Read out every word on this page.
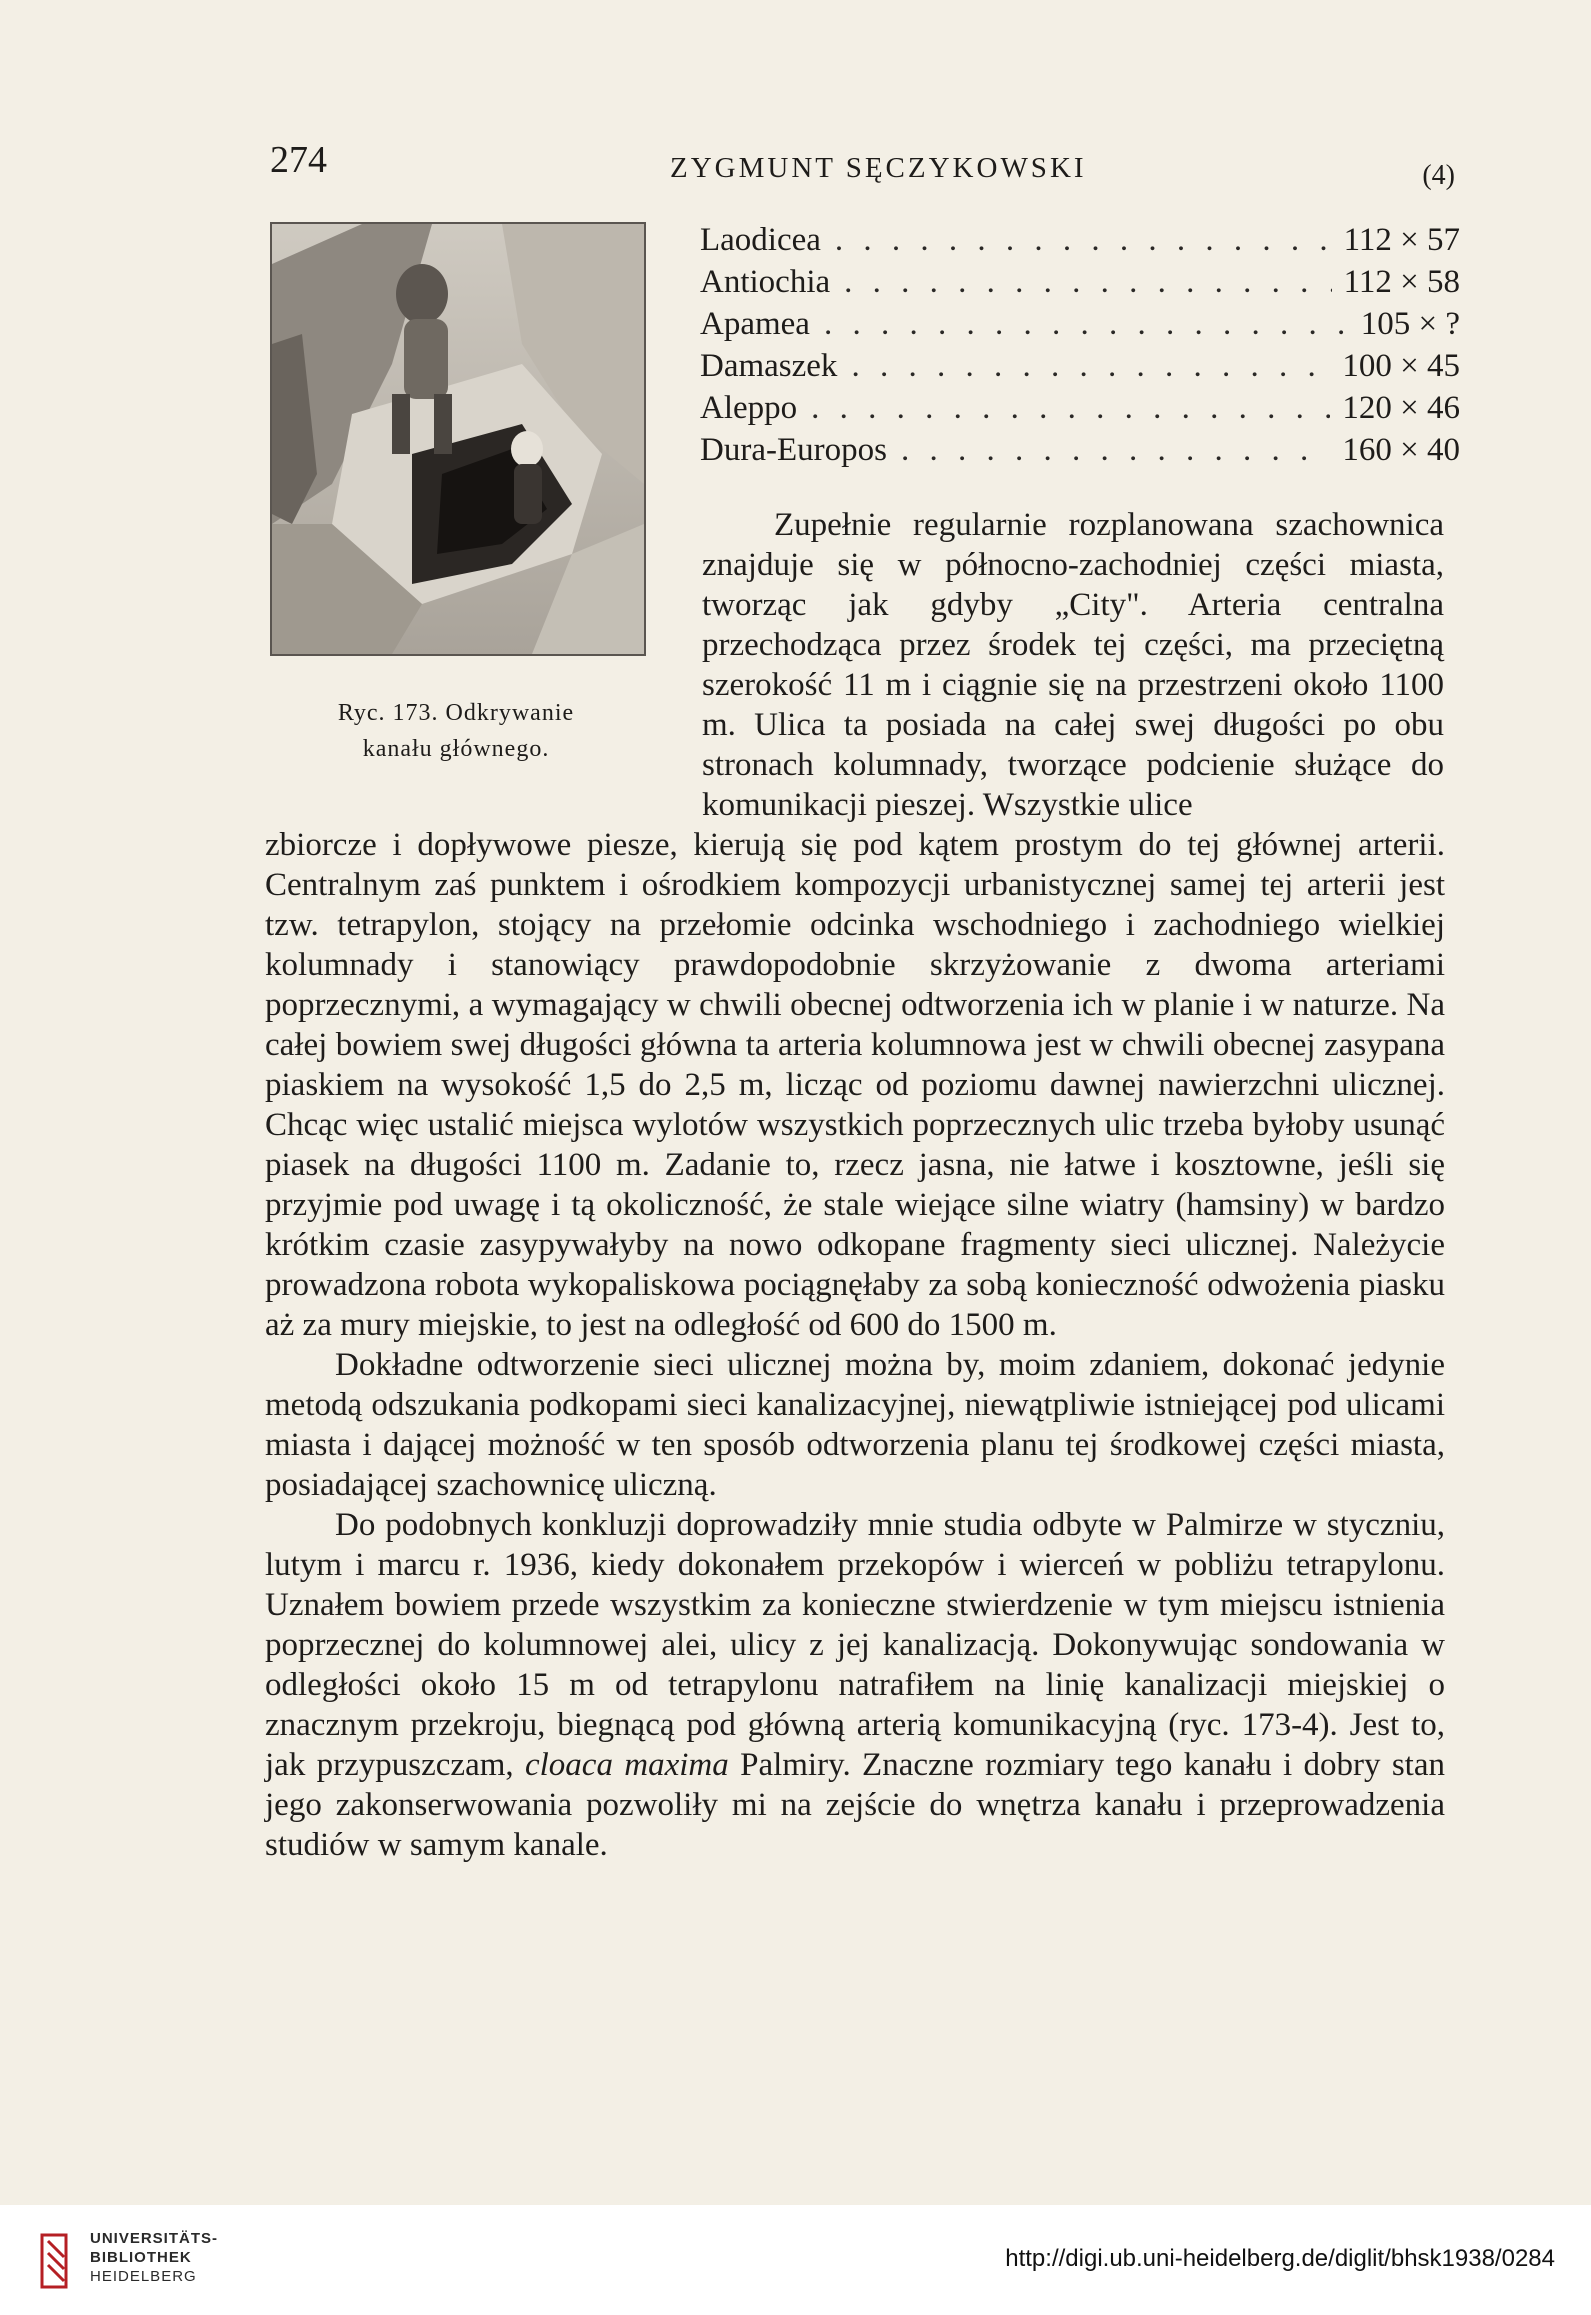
274	ZYGMUNT SĘCZYKOWSKI	(4)
Ryc. 173. Odkrywanie
kanału głównego.
Laodicea . . .	112 × 57
Antiochia . . .	112 × 58
Apamea . . .	105 × ?
Damaszek . . .	100 × 45
Aleppo . . .	120 × 46
Dura-Europos . . .	160 × 40

Zupełnie regularnie rozplanowana szachownica znajduje się w północno-zachodniej części miasta, tworząc jak gdyby „City". Arteria centralna przechodząca przez środek tej części, ma przeciętną szerokość 11 m i ciągnie się na przestrzeni około 1100 m. Ulica ta posiada na całej swej długości po obu stronach kolumnady, tworzące podcienie służące do komunikacji pieszej. Wszystkie ulice

zbiorcze i dopływowe piesze, kierują się pod kątem prostym do tej głównej arterii. Centralnym zaś punktem i ośrodkiem kompozycji urbanistycznej samej tej arterii jest tzw. tetrapylon, stojący na przełomie odcinka wschodniego i zachodniego wielkiej kolumnady i stanowiący prawdopodobnie skrzyżowanie z dwoma arteriami poprzecznymi, a wymagający w chwili obecnej odtworzenia ich w planie i w naturze. Na całej bowiem swej długości główna ta arteria kolumnowa jest w chwili obecnej zasypana piaskiem na wysokość 1,5 do 2,5 m, licząc od poziomu dawnej nawierzchni ulicznej. Chcąc więc ustalić miejsca wylotów wszystkich poprzecznych ulic trzeba byłoby usunąć piasek na długości 1100 m. Zadanie to, rzecz jasna, nie łatwe i kosztowne, jeśli się przyjmie pod uwagę i tą okoliczność, że stale wiejące silne wiatry (hamsiny) w bardzo krótkim czasie zasypywałyby na nowo odkopane fragmenty sieci ulicznej. Należycie prowadzona robota wykopaliskowa pociągnęłaby za sobą konieczność odwożenia piasku aż za mury miejskie, to jest na odległość od 600 do 1500 m.

Dokładne odtworzenie sieci ulicznej można by, moim zdaniem, dokonać jedynie metodą odszukania podkopami sieci kanalizacyjnej, niewątpliwie istniejącej pod ulicami miasta i dającej możność w ten sposób odtworzenia planu tej środkowej części miasta, posiadającej szachownicę uliczną.

Do podobnych konkluzji doprowadziły mnie studia odbyte w Palmirze w styczniu, lutym i marcu r. 1936, kiedy dokonałem przekopów i wierceń w pobliżu tetrapylonu. Uznałem bowiem przede wszystkim za konieczne stwierdzenie w tym miejscu istnienia poprzecznej do kolumnowej alei, ulicy z jej kanalizacją. Dokonywując sondowania w odległości około 15 m od tetrapylonu natrafiłem na linię kanalizacji miejskiej o znacznym przekroju, biegnącą pod główną arterią komunikacyjną (ryc. 173-4). Jest to, jak przypuszczam, cloaca maxima Palmiry. Znaczne rozmiary tego kanału i dobry stan jego zakonserwowania pozwoliły mi na zejście do wnętrza kanału i przeprowadzenia studiów w samym kanale.

UNIVERSITÄTS-
BIBLIOTHEK
HEIDELBERG
http://digi.ub.uni-heidelberg.de/diglit/bhsk1938/0284
